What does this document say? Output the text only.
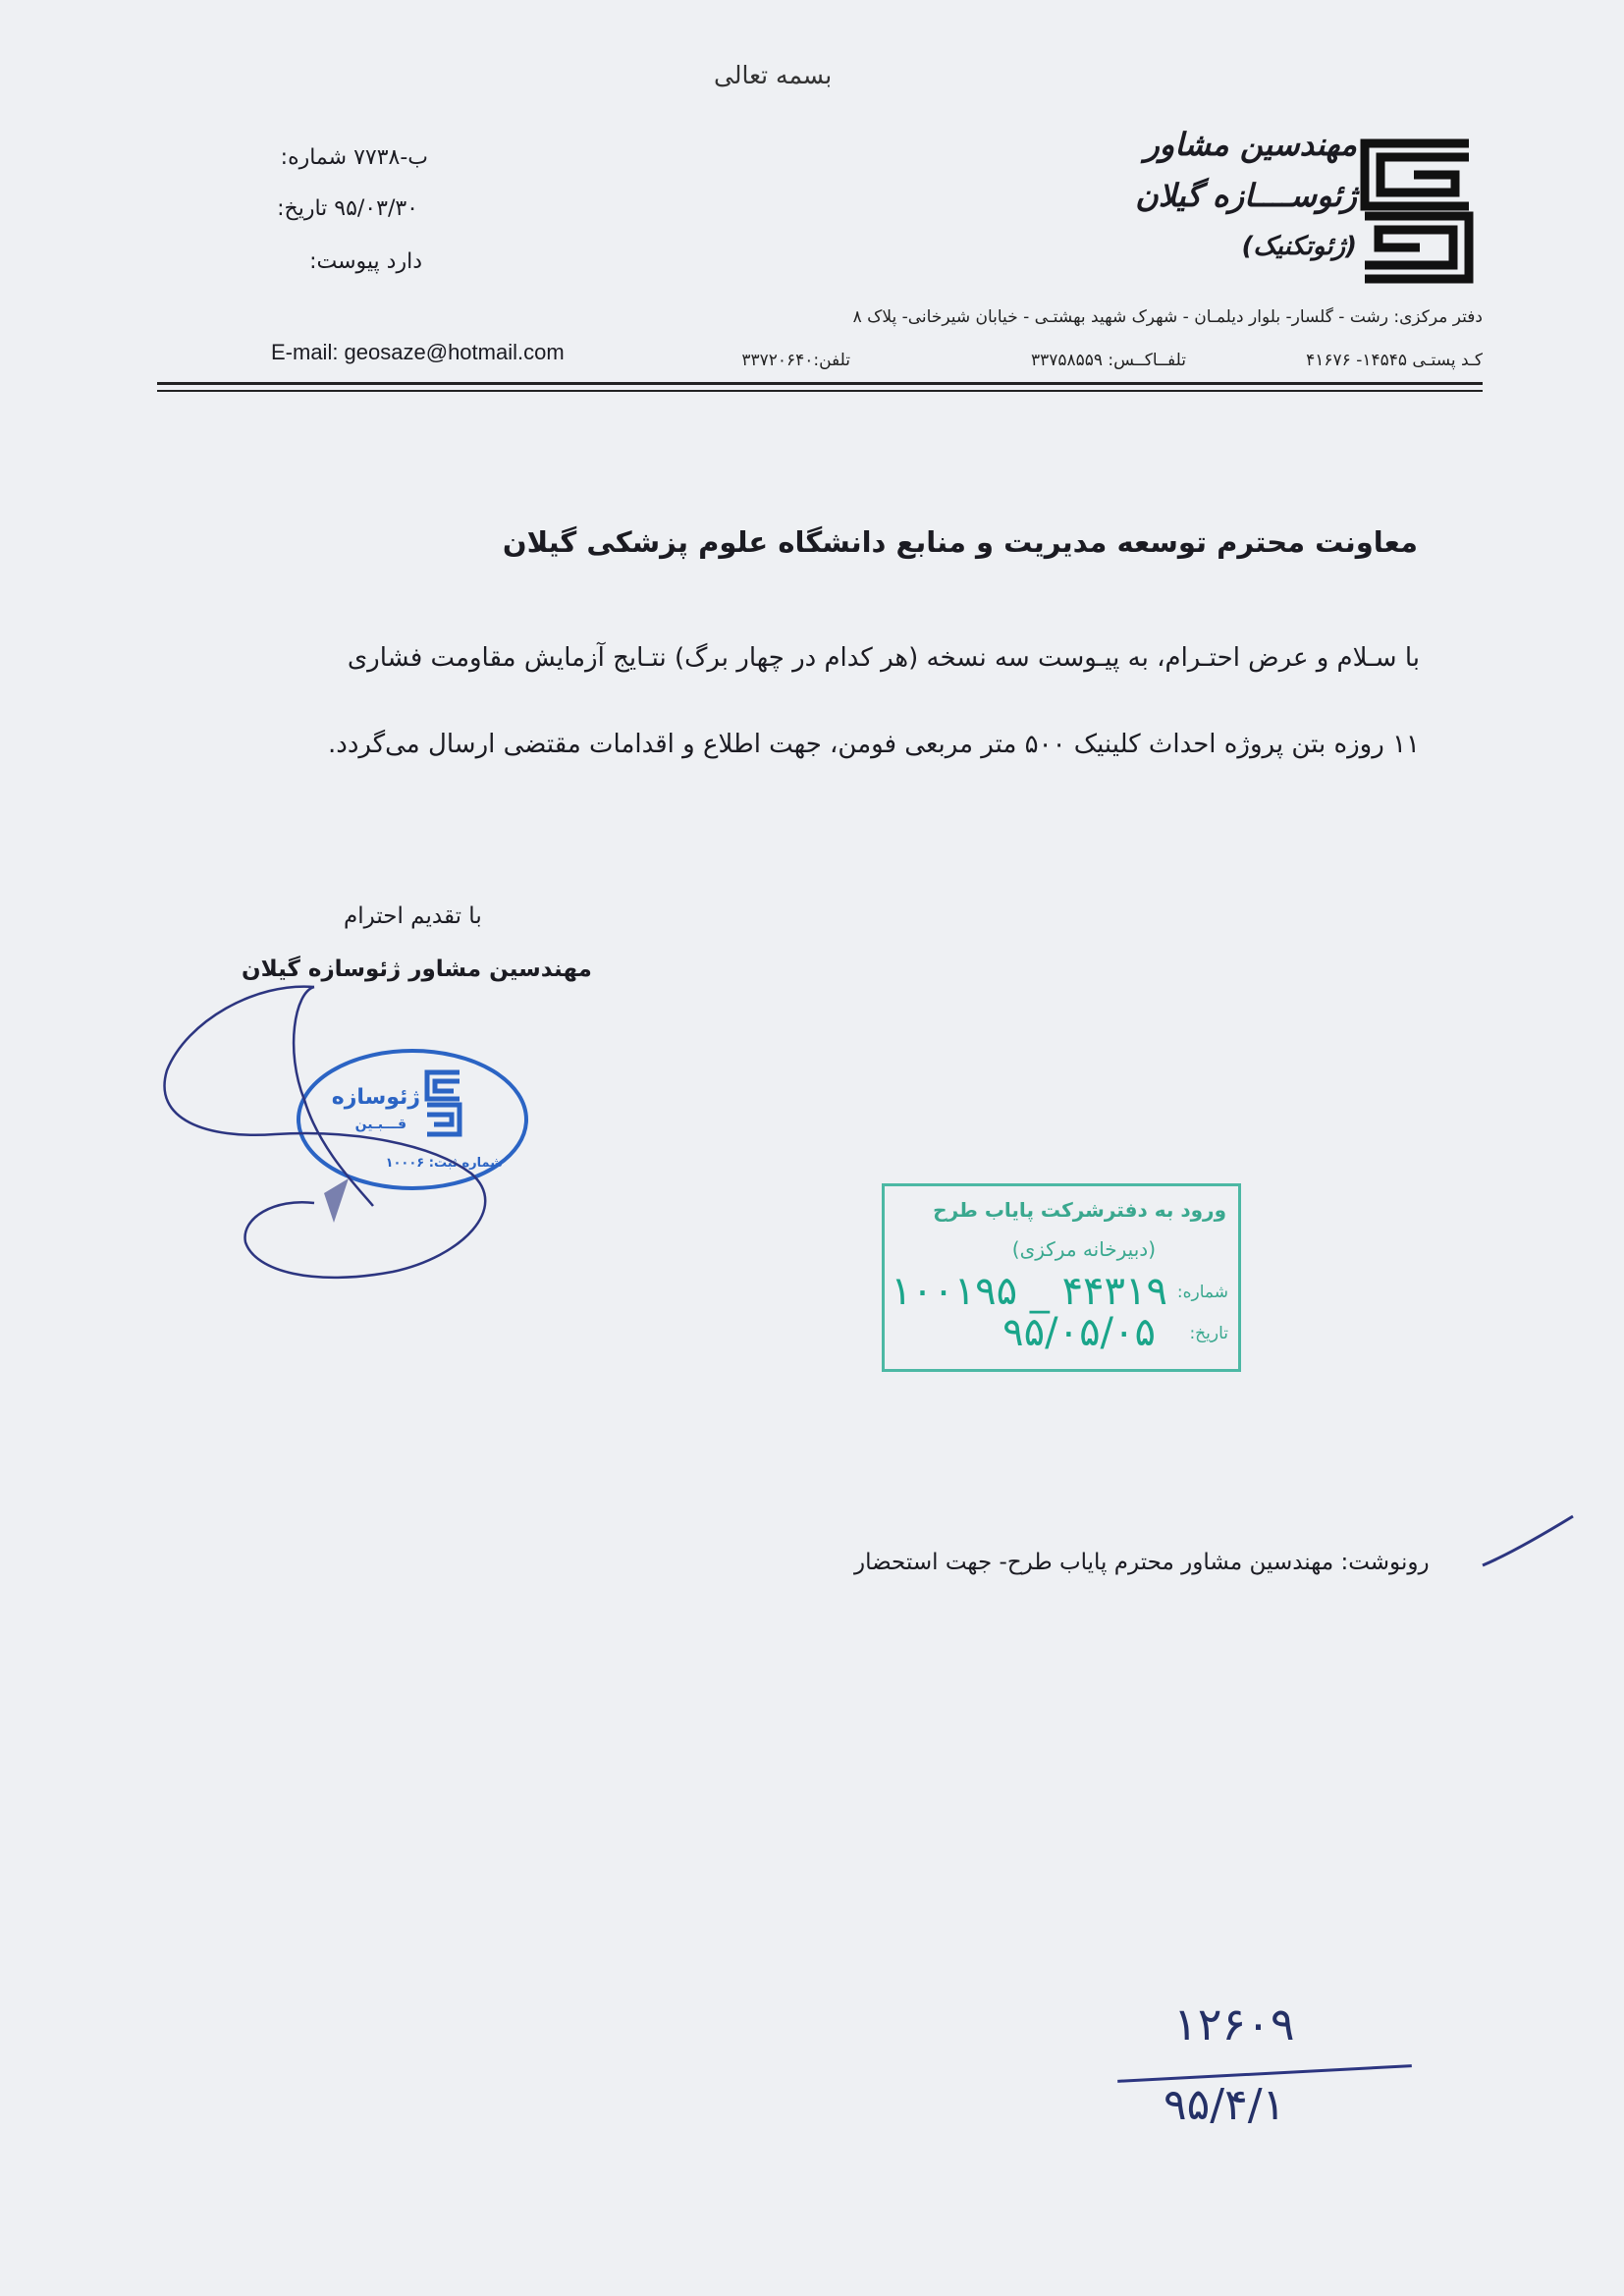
بسمه تعالی
شماره: ب-۷۷۳۸
تاریخ: ۹۵/۰۳/۳۰
پیوست: دارد
مهندسین مشاور
ژئوســــازه گیلان
(ژئوتکنیک)
دفتر مرکزی: رشت - گلسار- بلوار دیلمـان - شهرک شهید بهشتـی - خیابان شیرخانی- پلاک ۸
کـد پستـی ۱۴۵۴۵- ۴۱۶۷۶
تلفــاکــس: ۳۳۷۵۸۵۵۹
تلفن:۳۳۷۲۰۶۴۰
E-mail: geosaze@hotmail.com
معاونت محترم توسعه مدیریت و منابع دانشگاه علوم پزشکی گیلان
با سـلام و عرض احتـرام، به پیـوست سه نسخه (هر کدام در چهار برگ) نتـایج آزمایش مقاومت فشاری
۱۱ روزه بتن پروژه احداث کلینیک ۵۰۰ متر مربعی فومن، جهت اطلاع و اقدامات مقتضی ارسال می‌گردد.
با تقدیم احترام
مهندسین مشاور ژئوسازه گیلان
ژئوسازه
قـــبـين
شماره ثبت: ۱۰۰۰۶
ورود به دفترشرکت پایاب طرح
(دبیرخانه مرکزی)
شماره:
۱۰۰۱۹۵ _ ۴۴۳۱۹
تاریخ:
۹۵/۰۵/۰۵
رونوشت: مهندسین مشاور محترم پایاب طرح- جهت استحضار
۱۲۶۰۹
۹۵/۴/۱
